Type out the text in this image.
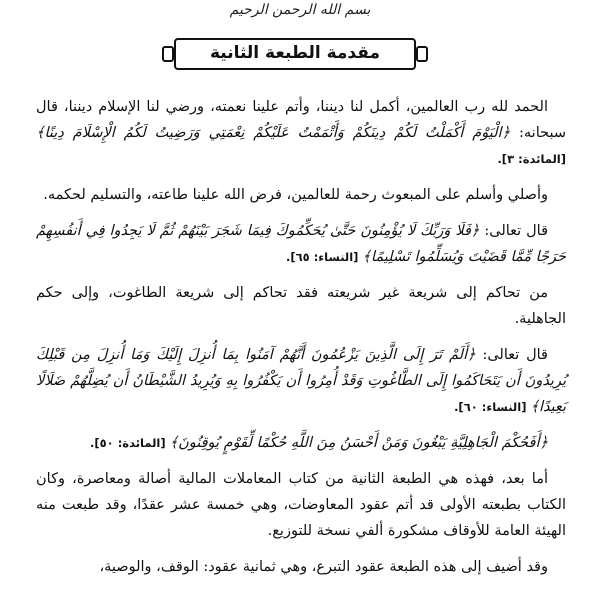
بسم الله الرحمن الرحيم
مقدمة الطبعة الثانية

الحمد لله رب العالمين، أكمل لنا ديننا، وأتم علينا نعمته، ورضي لنا الإسلام ديننا، قال سبحانه: ﴿الْيَوْمَ أَكْمَلْتُ لَكُمْ دِينَكُمْ وَأَتْمَمْتُ عَلَيْكُمْ نِعْمَتِي وَرَضِيتُ لَكُمُ الْإِسْلَامَ دِينًا﴾ [المائدة: ٣].

وأصلي وأسلم على المبعوث رحمة للعالمين، فرض الله علينا طاعته، والتسليم لحكمه.

قال تعالى: ﴿فَلَا وَرَبِّكَ لَا يُؤْمِنُونَ حَتَّىٰ يُحَكِّمُوكَ فِيمَا شَجَرَ بَيْنَهُمْ ثُمَّ لَا يَجِدُوا فِي أَنفُسِهِمْ حَرَجًا مِّمَّا قَضَيْتَ وَيُسَلِّمُوا تَسْلِيمًا﴾ [النساء: ٦٥].

من تحاكم إلى شريعة غير شريعته فقد تحاكم إلى شريعة الطاغوت، وإلى حكم الجاهلية.

قال تعالى: ﴿أَلَمْ تَرَ إِلَى الَّذِينَ يَزْعُمُونَ أَنَّهُمْ آمَنُوا بِمَا أُنزِلَ إِلَيْكَ وَمَا أُنزِلَ مِن قَبْلِكَ يُرِيدُونَ أَن يَتَحَاكَمُوا إِلَى الطَّاغُوتِ وَقَدْ أُمِرُوا أَن يَكْفُرُوا بِهِ وَيُرِيدُ الشَّيْطَانُ أَن يُضِلَّهُمْ ضَلَالًا بَعِيدًا﴾ [النساء: ٦٠].

﴿أَفَحُكْمَ الْجَاهِلِيَّةِ يَبْغُونَ وَمَنْ أَحْسَنُ مِنَ اللَّهِ حُكْمًا لِّقَوْمٍ يُوقِنُونَ﴾ [المائدة: ٥٠].

أما بعد، فهذه هي الطبعة الثانية من كتاب المعاملات المالية أصالة ومعاصرة، وكان الكتاب بطبعته الأولى قد أتم عقود المعاوضات، وهي خمسة عشر عقدًا، وقد طبعت منه الهيئة العامة للأوقاف مشكورة ألفي نسخة للتوزيع.

وقد أضيف إلى هذه الطبعة عقود التبرع، وهي ثمانية عقود: الوقف، والوصية،
